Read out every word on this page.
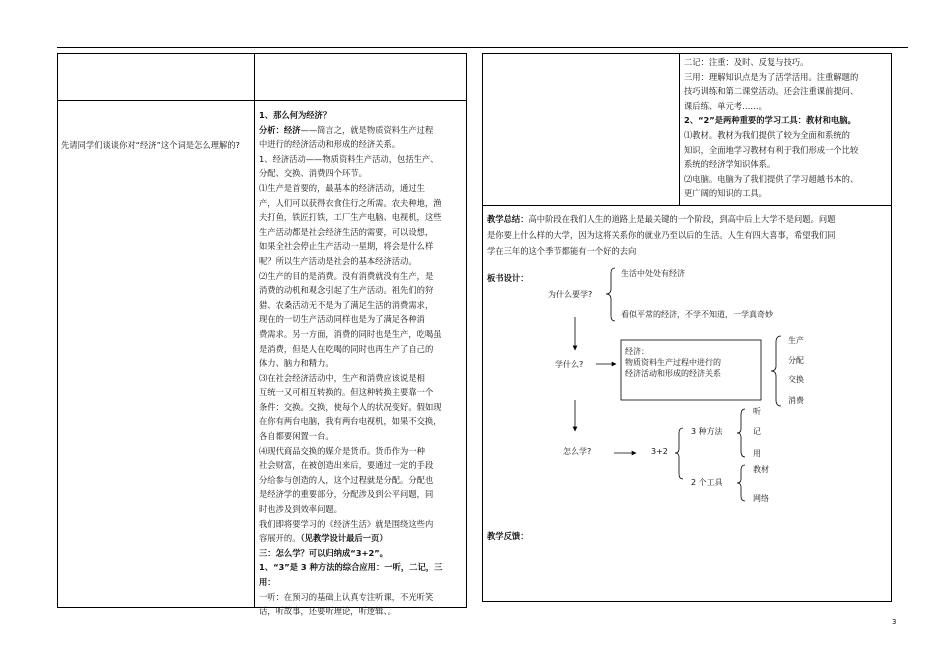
先请同学们谈谈你对“经济”这个词是怎么理解的?
1、那么何为经济？
分析：经济——简言之，就是物质资料生产过程
中进行的经济活动和形成的经济关系。
1、经济活动——物质资料生产活动，包括生产、
分配、交换、消费四个环节。
⑴生产是首要的，最基本的经济活动，通过生
产，人们可以获得衣食住行之所需。农夫种地，渔
夫打鱼，铁匠打铁，工厂生产电脑、电视机，这些
生产活动都是社会经济生活的需要，可以设想，
如果全社会停止生产活动一星期，将会是什么样
呢？所以生产活动是社会的基本经济活动。
⑵生产的目的是消费。没有消费就没有生产，是
消费的动机和观念引起了生产活动。祖先们的狩
猎、农桑活动无不是为了满足生活的消费需求，
现在的一切生产活动同样也是为了满足各种消
费需求。另一方面，消费的同时也是生产，吃喝虽
是消费，但是人在吃喝的同时也再生产了自己的
体力、脑力和精力。
⑶在社会经济活动中，生产和消费应该说是相
互统一又可相互转换的。但这种转换主要靠一个
条件：交换。交换，使每个人的状况变好。假如现
在你有两台电脑，我有两台电视机，如果不交换，
各自都要闲置一台。
⑷现代商品交换的媒介是货币。货币作为一种
社会财富，在被创造出来后，要通过一定的手段
分给参与创造的人，这个过程就是分配。分配也
是经济学的重要部分，分配涉及到公平问题，同
时也涉及到效率问题。
我们即将要学习的《经济生活》就是围绕这些内
容展开的。（见教学设计最后一页）
三：怎么学？可以归纳成“3+2”。
1、“3”是 3 种方法的综合应用：一听，二记，三
用：
一听：在预习的基础上认真专注听课，不光听笑
话，听故事，还要听理论，听逻辑、。
二记：注重：及时、反复与技巧。
三用：理解知识点是为了活学活用。注重解题的
技巧训练和第二课堂活动。还会注重课前提问、
课后练、单元考……。
2、“2”是两种重要的学习工具：教材和电脑。
⑴教材。教材为我们提供了较为全面和系统的
知识，全面地学习教材有利于我们形成一个比较
系统的经济学知识体系。
⑵电脑。电脑为了我们提供了学习超越书本的、
更广阔的知识的工具。
教学总结：高中阶段在我们人生的道路上是最关键的一个阶段，到高中后上大学不是问题。问题
是你要上什么样的大学，因为这将关系你的就业乃至以后的生活。人生有四大喜事，希望我们同
学在三年的这个季节都能有一个好的去向
板书设计：
教学反馈：
为什么要学?
生活中处处有经济
看似平常的经济，不学不知道，一学真奇妙
学什么?
经济：
物质资料生产过程中进行的
经济活动和形成的经济关系
生产
分配
交换
消费
怎么学?	3+2
3 种方法
听
记
用
2 个工具
教材
网络
3
